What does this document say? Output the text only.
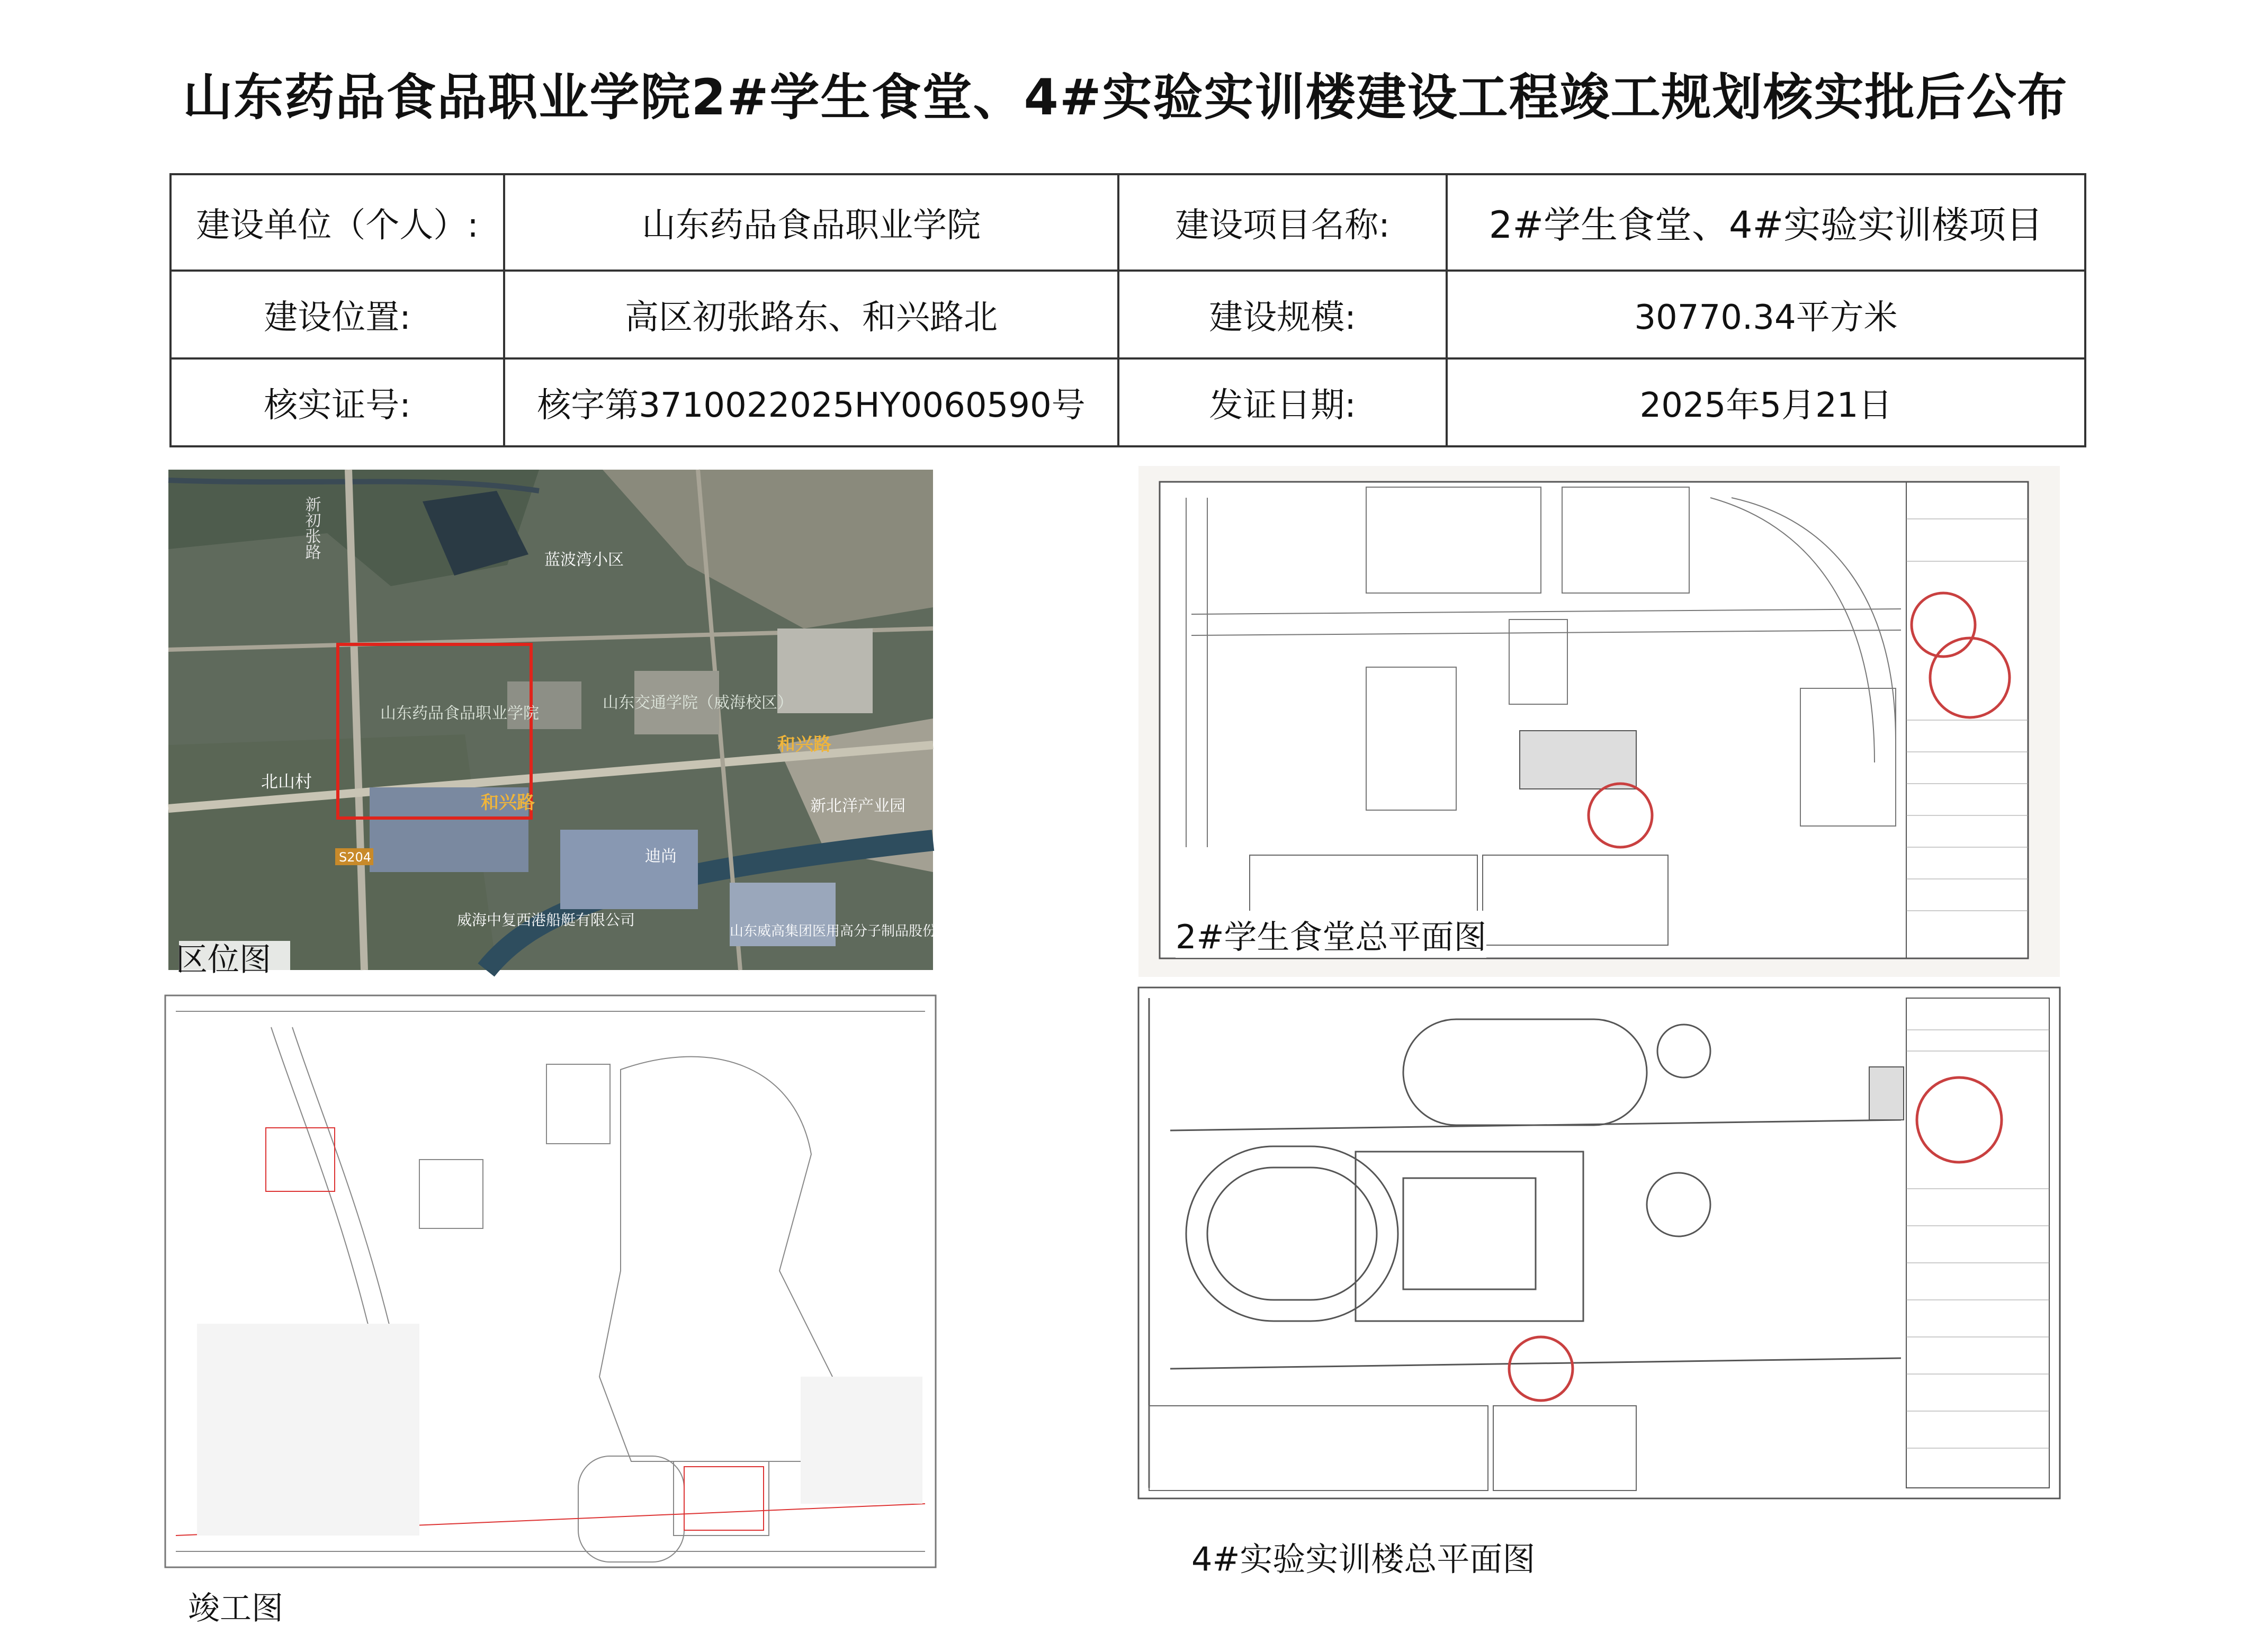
山东药品食品职业学院2#学生食堂、4#实验实训楼建设工程竣工规划核实批后公布
建设单位（个人）:	山东药品食品职业学院	建设项目名称:	2#学生食堂、4#实验实训楼项目
建设位置:	高区初张路东、和兴路北	建设规模:	30770.34平方米
核实证号:	核字第3710022025HY0060590号	发证日期:	2025年5月21日
新初张路
蓝波湾小区
山东药品食品职业学院
山东交通学院（威海校区）
和兴路
和兴路
北山村
新北洋产业园
迪尚
S204
威海中复西港船艇有限公司
山东威高集团医用高分子制品股份有限公司
区位图
2#学生食堂总平面图
竣工图
4#实验实训楼总平面图
